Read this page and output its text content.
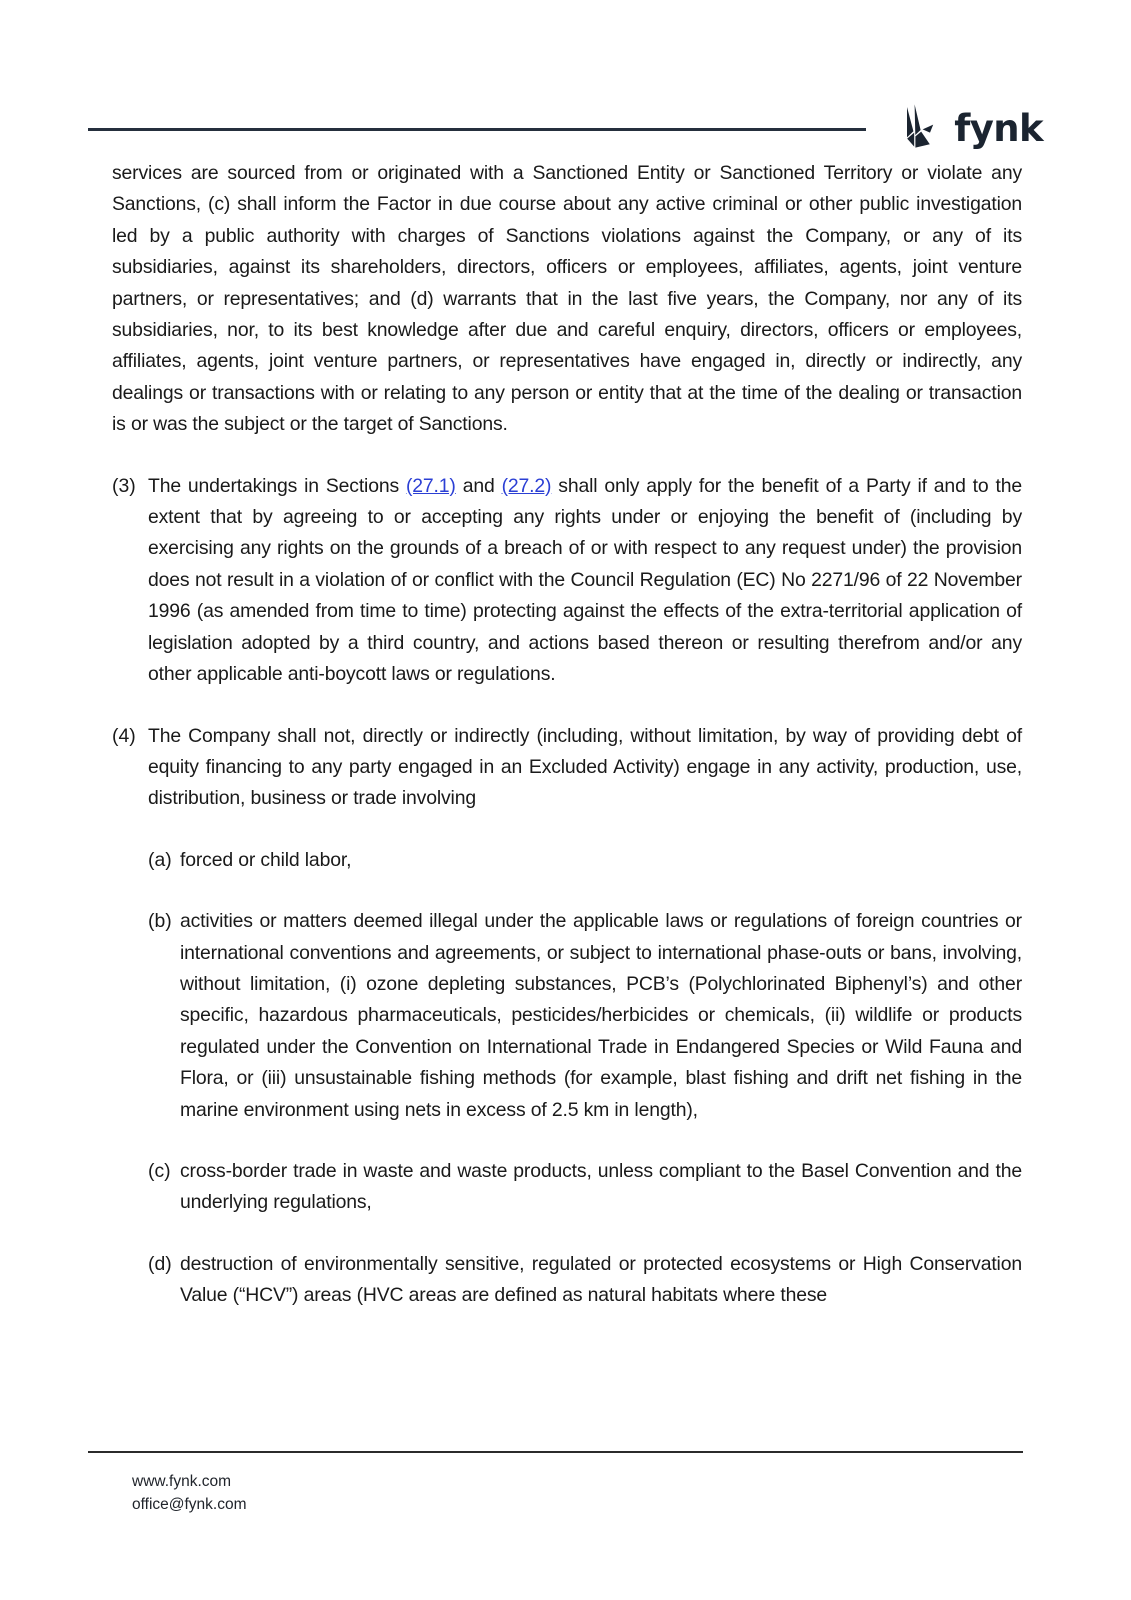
fynk

services are sourced from or originated with a Sanctioned Entity or Sanctioned Territory or violate any Sanctions, (c) shall inform the Factor in due course about any active criminal or other public investigation led by a public authority with charges of Sanctions violations against the Company, or any of its subsidiaries, against its shareholders, directors, officers or employees, affiliates, agents, joint venture partners, or representatives; and (d) warrants that in the last five years, the Company, nor any of its subsidiaries, nor, to its best knowledge after due and careful enquiry, directors, officers or employees, affiliates, agents, joint venture partners, or representatives have engaged in, directly or indirectly, any dealings or transactions with or relating to any person or entity that at the time of the dealing or transaction is or was the subject or the target of Sanctions.

(3) The undertakings in Sections (27.1) and (27.2) shall only apply for the benefit of a Party if and to the extent that by agreeing to or accepting any rights under or enjoying the benefit of (including by exercising any rights on the grounds of a breach of or with respect to any request under) the provision does not result in a violation of or conflict with the Council Regulation (EC) No 2271/96 of 22 November 1996 (as amended from time to time) protecting against the effects of the extra-territorial application of legislation adopted by a third country, and actions based thereon or resulting therefrom and/or any other applicable anti-boycott laws or regulations.

(4) The Company shall not, directly or indirectly (including, without limitation, by way of providing debt of equity financing to any party engaged in an Excluded Activity) engage in any activity, production, use, distribution, business or trade involving

(a) forced or child labor,

(b) activities or matters deemed illegal under the applicable laws or regulations of foreign countries or international conventions and agreements, or subject to international phase-outs or bans, involving, without limitation, (i) ozone depleting substances, PCB’s (Polychlorinated Biphenyl’s) and other specific, hazardous pharmaceuticals, pesticides/herbicides or chemicals, (ii) wildlife or products regulated under the Convention on International Trade in Endangered Species or Wild Fauna and Flora, or (iii) unsustainable fishing methods (for example, blast fishing and drift net fishing in the marine environment using nets in excess of 2.5 km in length),

(c) cross-border trade in waste and waste products, unless compliant to the Basel Convention and the underlying regulations,

(d) destruction of environmentally sensitive, regulated or protected ecosystems or High Conservation Value (“HCV”) areas (HVC areas are defined as natural habitats where these

www.fynk.com
office@fynk.com
